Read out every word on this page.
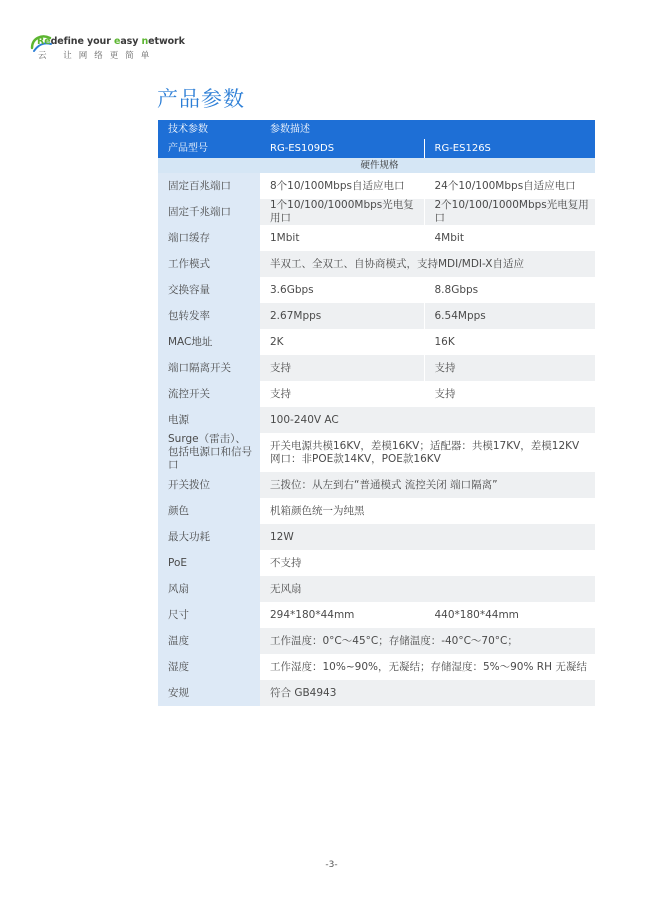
Redefine your easy network
云 让网络更简单
产品参数
技术参数	参数描述	
产品型号	RG-ES109DS	RG-ES126S
硬件规格		
固定百兆端口	8个10/100Mbps自适应电口	24个10/100Mbps自适应电口
固定千兆端口	1个10/100/1000Mbps光电复用口	2个10/100/1000Mbps光电复用口
端口缓存	1Mbit	4Mbit
工作模式	半双工、全双工、自协商模式，支持MDI/MDI-X自适应	
交换容量	3.6Gbps	8.8Gbps
包转发率	2.67Mpps	6.54Mpps
MAC地址	2K	16K
端口隔离开关	支持	支持
流控开关	支持	支持
电源	100-240V AC	
Surge（雷击）、包括电源口和信号口	开关电源共模16KV，差模16KV；适配器：共模17KV，差模12KV
网口：非POE款14KV，POE款16KV	
开关拨位	三拨位：从左到右“普通模式 流控关闭 端口隔离”	
颜色	机箱颜色统一为纯黑	
最大功耗	12W	
PoE	不支持	
风扇	无风扇	
尺寸	294*180*44mm	440*180*44mm
温度	工作温度：0°C～45°C；存储温度：-40°C～70°C；	
湿度	工作湿度：10%~90%，无凝结；存储湿度：5%～90% RH 无凝结	
安规	符合 GB4943	
-3-
